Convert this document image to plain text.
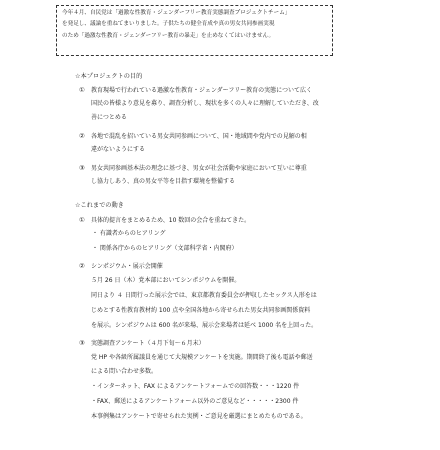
今年４月、自民党は「過激な性教育・ジェンダーフリー教育実態調査プロジェクトチーム」

を発足し、議論を重ねてまいりました。子供たちの健全育成や真の男女共同参画実現

のため「過激な性教育・ジェンダーフリー教育の暴走」を止めなくてはいけません。

☆本プロジェクトの目的
① 教育現場で行われている過激な性教育・ジェンダーフリー教育の実態について広く
国民の皆様より意見を募り、調査分析し、現状を多くの人々に理解していただき、改
善につとめる
② 各地で混乱を招いている男女共同参画について、国・地域間や党内での見解の相
違がないようにする
③ 男女共同参画基本法の理念に基づき、男女が社会活動や家庭において互いに尊重
し協力しあう、真の男女平等を目指す環境を整備する
☆これまでの動き
① 具体的提言をまとめるため、10 数回の会合を重ねてきた。
・ 有識者からのヒアリング
・ 関係各庁からのヒアリング（文部科学省・内閣府）
② シンポジウム・展示会開催
５月 26 日（木）党本部においてシンポジウムを開催。
同日より ４ 日間行った展示会では、東京都教育委員会が押収したセックス人形をは
じめとする性教育教材約 100 点や全国各地から寄せられた男女共同参画関係資料
を展示。シンポジウムは 600 名が来場、展示会来場者は延べ 1000 名を上回った。
③ 実態調査アンケート（４月下旬～６月末）
党 HP や各級所属議員を通じて大規模アンケートを実施。期間終了後も電話や郵送
による問い合わせ多数。
・インターネット、FAX によるアンケートフォームでの回答数・・・1220 件
・FAX、郵送によるアンケートフォーム以外のご意見など・・・・・2300 件
本事例集はアンケートで寄せられた実例・ご意見を厳選にまとめたものである。
